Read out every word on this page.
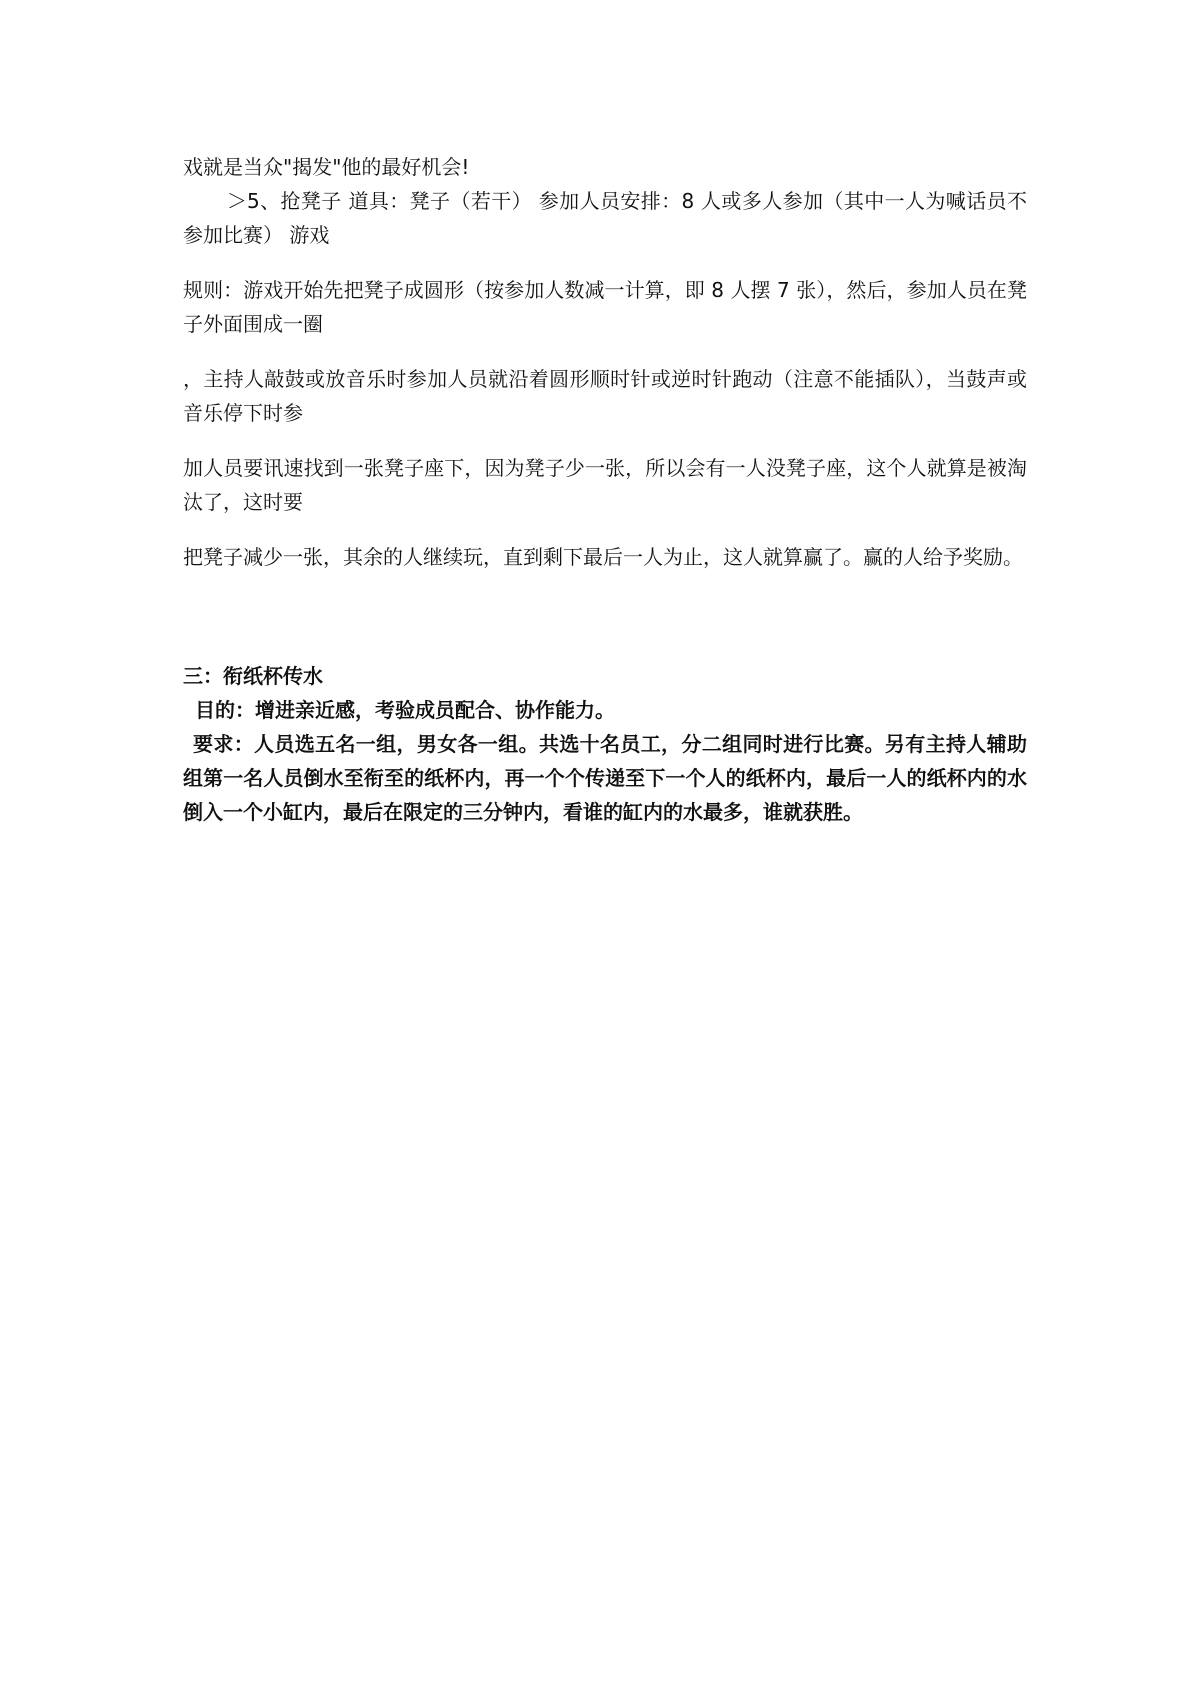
戏就是当众"揭发"他的最好机会!

＞5、抢凳子 道具：凳子（若干） 参加人员安排：8 人或多人参加（其中一人为喊话员不参加比赛） 游戏

规则：游戏开始先把凳子成圆形（按参加人数减一计算，即 8 人摆 7 张），然后，参加人员在凳子外面围成一圈

，主持人敲鼓或放音乐时参加人员就沿着圆形顺时针或逆时针跑动（注意不能插队），当鼓声或音乐停下时参

加人员要讯速找到一张凳子座下，因为凳子少一张，所以会有一人没凳子座，这个人就算是被淘汰了，这时要

把凳子减少一张，其余的人继续玩，直到剩下最后一人为止，这人就算赢了。赢的人给予奖励。

三：衔纸杯传水

目的：增进亲近感，考验成员配合、协作能力。

要求：人员选五名一组，男女各一组。共选十名员工，分二组同时进行比赛。另有主持人辅助组第一名人员倒水至衔至的纸杯内，再一个个传递至下一个人的纸杯内，最后一人的纸杯内的水倒入一个小缸内，最后在限定的三分钟内，看谁的缸内的水最多，谁就获胜。
